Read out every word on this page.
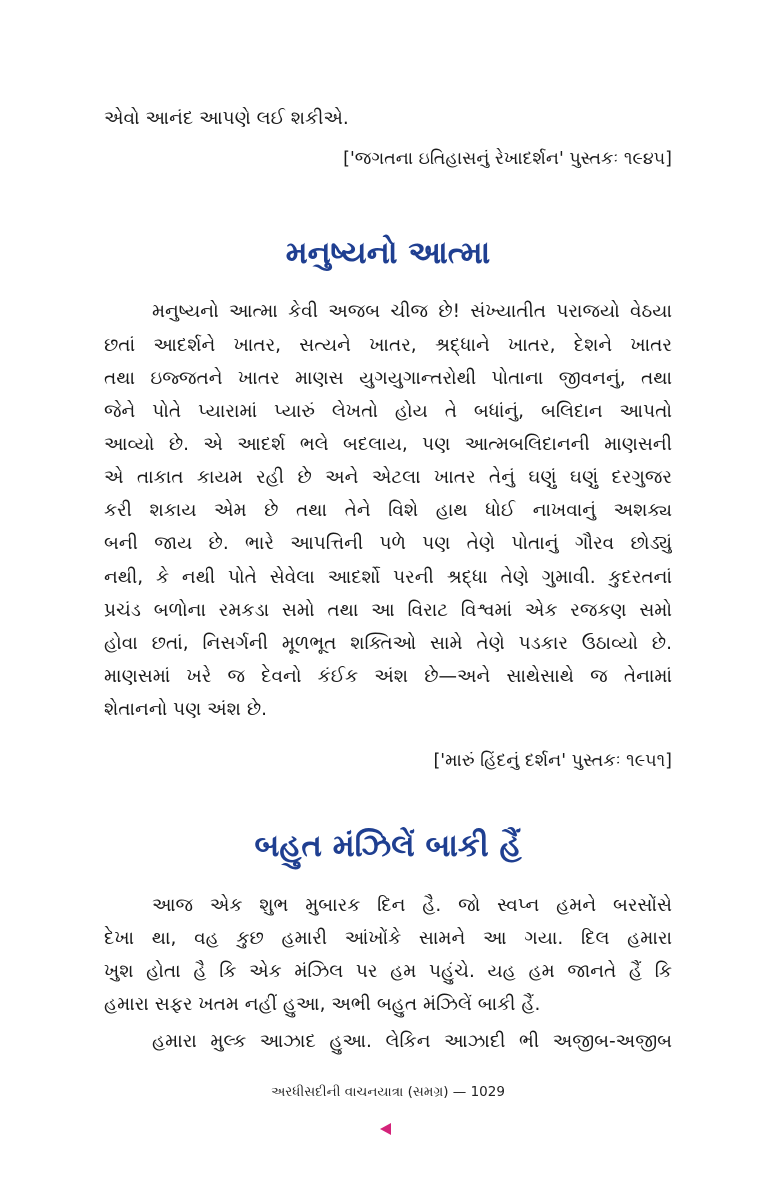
એવો આનંદ આપણે લઈ શકીએ.
['જગતના ઇતિહાસનું રેખાદર્શન' પુસ્તકઃ ૧૯૪૫]
મનુષ્યનો આત્મા
મનુષ્યનો આત્મા કેવી અજબ ચીજ છે! સંખ્યાતીત પરાજયો વેઠયા
છતાં આદર્શને ખાતર, સત્યને ખાતર, શ્રદ્ધાને ખાતર, દેશને ખાતર
તથા ઇજ્જતને ખાતર માણસ યુગયુગાન્તરોથી પોતાના જીવનનું, તથા
જેને પોતે પ્યારામાં પ્યારું લેખતો હોય તે બધાંનું, બલિદાન આપતો
આવ્યો છે. એ આદર્શ ભલે બદલાય, પણ આત્મબલિદાનની માણસની
એ તાકાત કાયમ રહી છે અને એટલા ખાતર તેનું ઘણું ઘણું દરગુજર
કરી શકાય એમ છે તથા તેને વિશે હાથ ધોઈ નાખવાનું અશક્ય
બની જાય છે. ભારે આપત્તિની પળે પણ તેણે પોતાનું ગૌરવ છોડ્યું
નથી, કે નથી પોતે સેવેલા આદર્શો પરની શ્રદ્ધા તેણે ગુમાવી. કુદરતનાં
પ્રચંડ બળોના રમકડા સમો તથા આ વિરાટ વિશ્વમાં એક રજકણ સમો
હોવા છતાં, નિસર્ગની મૂળભૂત શક્તિઓ સામે તેણે પડકાર ઉઠાવ્યો છે.
માણસમાં ખરે જ દેવનો કંઈક અંશ છે—અને સાથેસાથે જ તેનામાં
શેતાનનો પણ અંશ છે.
['મારું હિંદનું દર્શન' પુસ્તકઃ ૧૯૫૧]
બહુત મંઝિલેં બાકી હૈં
આજ એક શુભ મુબારક દિન હૈ. જો સ્વપ્ન હમને બરસોંસે
દેખા થા, વહ કુછ હમારી આંખોંકે સામને આ ગયા. દિલ હમારા
ખુશ હોતા હૈ કિ એક મંઝિલ પર હમ પહુંચે. યહ હમ જાનતે હૈં કિ
હમારા સફર ખતમ નહીં હુઆ, અભી બહુત મંઝિલેં બાકી હૈં.
હમારા મુલ્ક આઝાદ હુઆ. લેકિન આઝાદી ભી અજીબ-અજીબ
અરધીસદીની વાચનયાત્રા (સમગ્ર) — 1029
